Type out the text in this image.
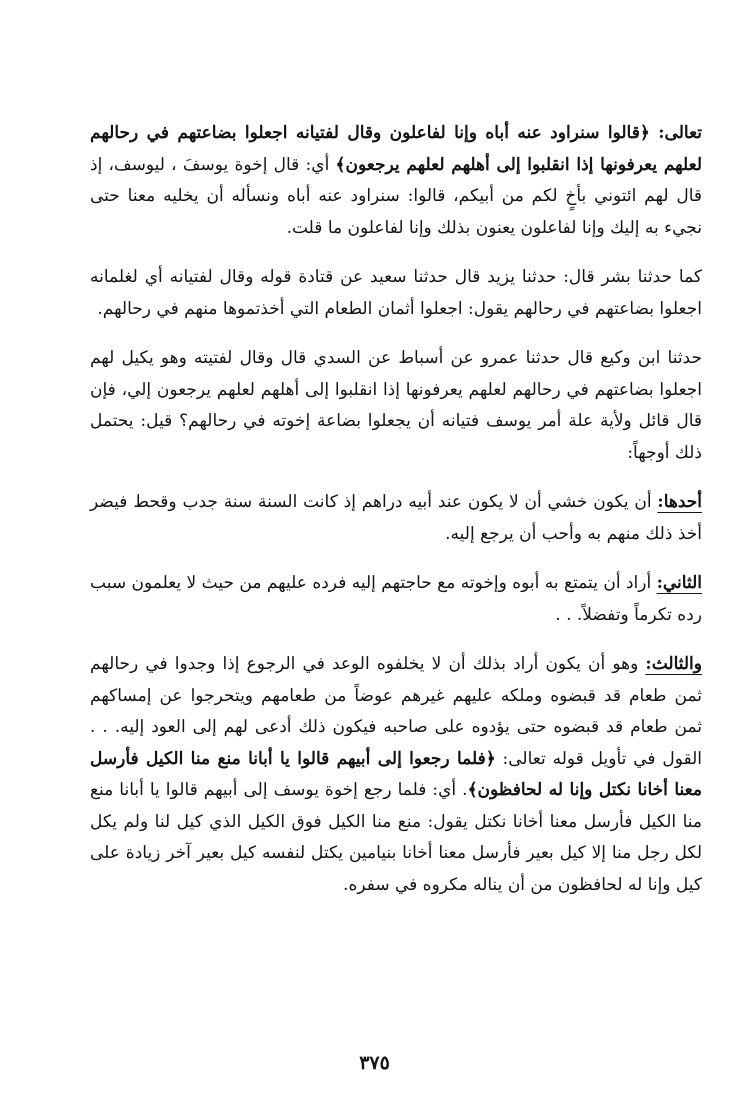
تعالى: ﴿قالوا سنراود عنه أباه وإنا لفاعلون وقال لفتيانه اجعلوا بضاعتهم في رحالهم لعلهم يعرفونها إذا انقلبوا إلى أهلهم لعلهم يرجعون﴾ أي: قال إخوة يوسفَ ، ليوسف، إذ قال لهم ائتوني بأخٍ لكم من أبيكم، قالوا: سنراود عنه أباه ونسأله أن يخليه معنا حتى نجيء به إليك وإنا لفاعلون يعنون بذلك وإنا لفاعلون ما قلت.

كما حدثنا بشر قال: حدثنا يزيد قال حدثنا سعيد عن قتادة قوله وقال لفتيانه أي لغلمانه اجعلوا بضاعتهم في رحالهم يقول: اجعلوا أثمان الطعام التي أخذتموها منهم في رحالهم.

حدثنا ابن وكيع قال حدثنا عمرو عن أسباط عن السدي قال وقال لفتيته وهو يكيل لهم اجعلوا بضاعتهم في رحالهم لعلهم يعرفونها إذا انقلبوا إلى أهلهم لعلهم يرجعون إلي، فإن قال قائل ولأية علة أمر يوسف فتيانه أن يجعلوا بضاعة إخوته في رحالهم؟ قيل: يحتمل ذلك أوجهاً:

أحدها: أن يكون خشي أن لا يكون عند أبيه دراهم إذ كانت السنة سنة جدب وقحط فيضر أخذ ذلك منهم به وأحب أن يرجع إليه.

الثاني: أراد أن يتمتع به أبوه وإخوته مع حاجتهم إليه فرده عليهم من حيث لا يعلمون سبب رده تكرماً وتفضلاً. . .

والثالث: وهو أن يكون أراد بذلك أن لا يخلفوه الوعد في الرجوع إذا وجدوا في رحالهم ثمن طعام قد قبضوه وملكه عليهم غيرهم عوضاً من طعامهم ويتحرجوا عن إمساكهم ثمن طعام قد قبضوه حتى يؤدوه على صاحبه فيكون ذلك أدعى لهم إلى العود إليه. . . القول في تأويل قوله تعالى: ﴿فلما رجعوا إلى أبيهم قالوا يا أبانا منع منا الكيل فأرسل معنا أخانا نكتل وإنا له لحافظون﴾. أي: فلما رجع إخوة يوسف إلى أبيهم قالوا يا أبانا منع منا الكيل فأرسل معنا أخانا نكتل يقول: منع منا الكيل فوق الكيل الذي كيل لنا ولم يكل لكل رجل منا إلا كيل بعير فأرسل معنا أخانا بنيامين يكتل لنفسه كيل بعير آخر زيادة على كيل وإنا له لحافظون من أن يناله مكروه في سفره.

٣٧٥
